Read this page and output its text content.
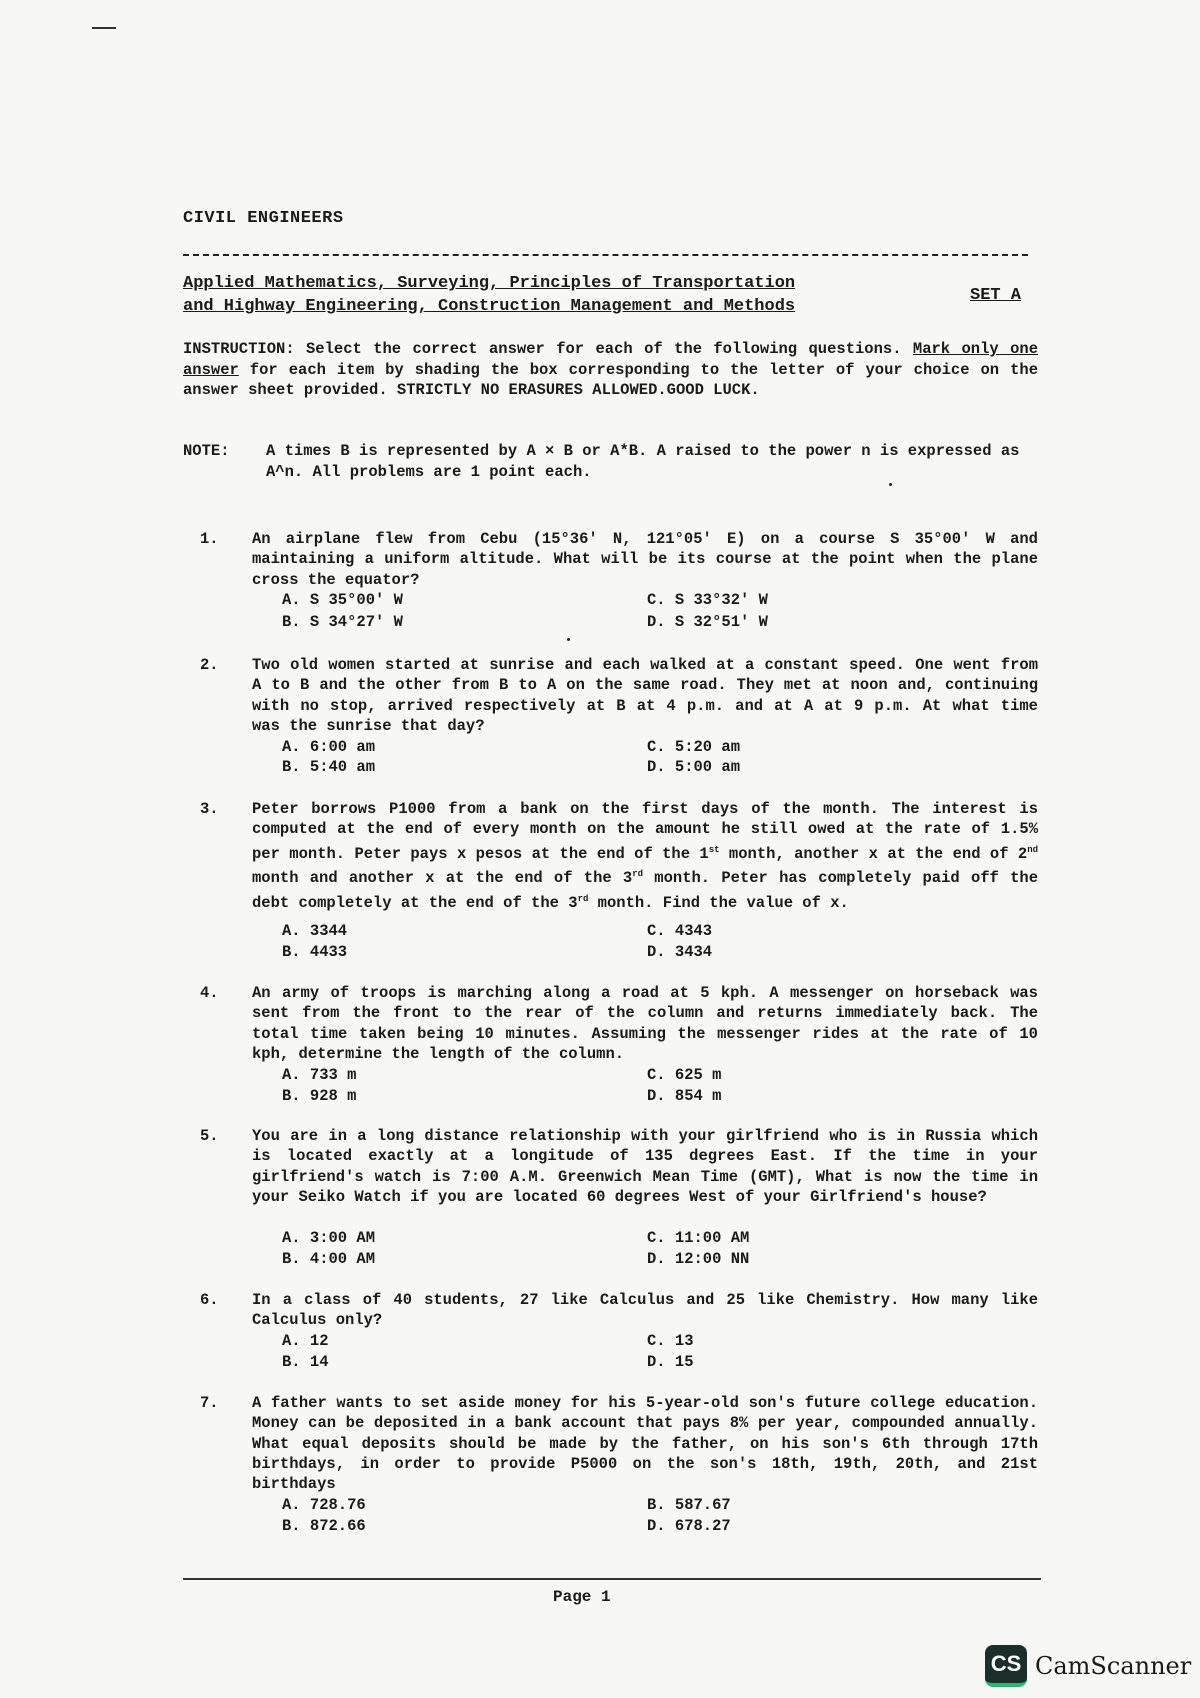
CIVIL ENGINEERS
Applied Mathematics, Surveying, Principles of Transportation
and Highway Engineering, Construction Management and Methods
SET A
INSTRUCTION: Select the correct answer for each of the following questions. Mark only one answer for each item by shading the box corresponding to the letter of your choice on the answer sheet provided. STRICTLY NO ERASURES ALLOWED.GOOD LUCK.
NOTE: A times B is represented by A × B or A*B. A raised to the power n is expressed as A^n. All problems are 1 point each.
1. An airplane flew from Cebu (15°36′ N, 121°05′ E) on a course S 35°00′ W and maintaining a uniform altitude. What will be its course at the point when the plane cross the equator?
A. S 35°00′ W	C. S 33°32′ W
B. S 34°27′ W	D. S 32°51′ W
2. Two old women started at sunrise and each walked at a constant speed. One went from A to B and the other from B to A on the same road. They met at noon and, continuing with no stop, arrived respectively at B at 4 p.m. and at A at 9 p.m. At what time was the sunrise that day?
A. 6:00 am	C. 5:20 am
B. 5:40 am	D. 5:00 am
3. Peter borrows P1000 from a bank on the first days of the month. The interest is computed at the end of every month on the amount he still owed at the rate of 1.5% per month. Peter pays x pesos at the end of the 1st month, another x at the end of 2nd month and another x at the end of the 3rd month. Peter has completely paid off the debt completely at the end of the 3rd month. Find the value of x.
A. 3344	C. 4343
B. 4433	D. 3434
4. An army of troops is marching along a road at 5 kph. A messenger on horseback was sent from the front to the rear of the column and returns immediately back. The total time taken being 10 minutes. Assuming the messenger rides at the rate of 10 kph, determine the length of the column.
A. 733 m	C. 625 m
B. 928 m	D. 854 m
5. You are in a long distance relationship with your girlfriend who is in Russia which is located exactly at a longitude of 135 degrees East. If the time in your girlfriend's watch is 7:00 A.M. Greenwich Mean Time (GMT), What is now the time in your Seiko Watch if you are located 60 degrees West of your Girlfriend's house?
A. 3:00 AM	C. 11:00 AM
B. 4:00 AM	D. 12:00 NN
6. In a class of 40 students, 27 like Calculus and 25 like Chemistry. How many like Calculus only?
A. 12	C. 13
B. 14	D. 15
7. A father wants to set aside money for his 5-year-old son's future college education. Money can be deposited in a bank account that pays 8% per year, compounded annually. What equal deposits should be made by the father, on his son's 6th through 17th birthdays, in order to provide P5000 on the son's 18th, 19th, 20th, and 21st birthdays
A. 728.76	B. 587.67
B. 872.66	D. 678.27
Page 1
CS CamScanner
